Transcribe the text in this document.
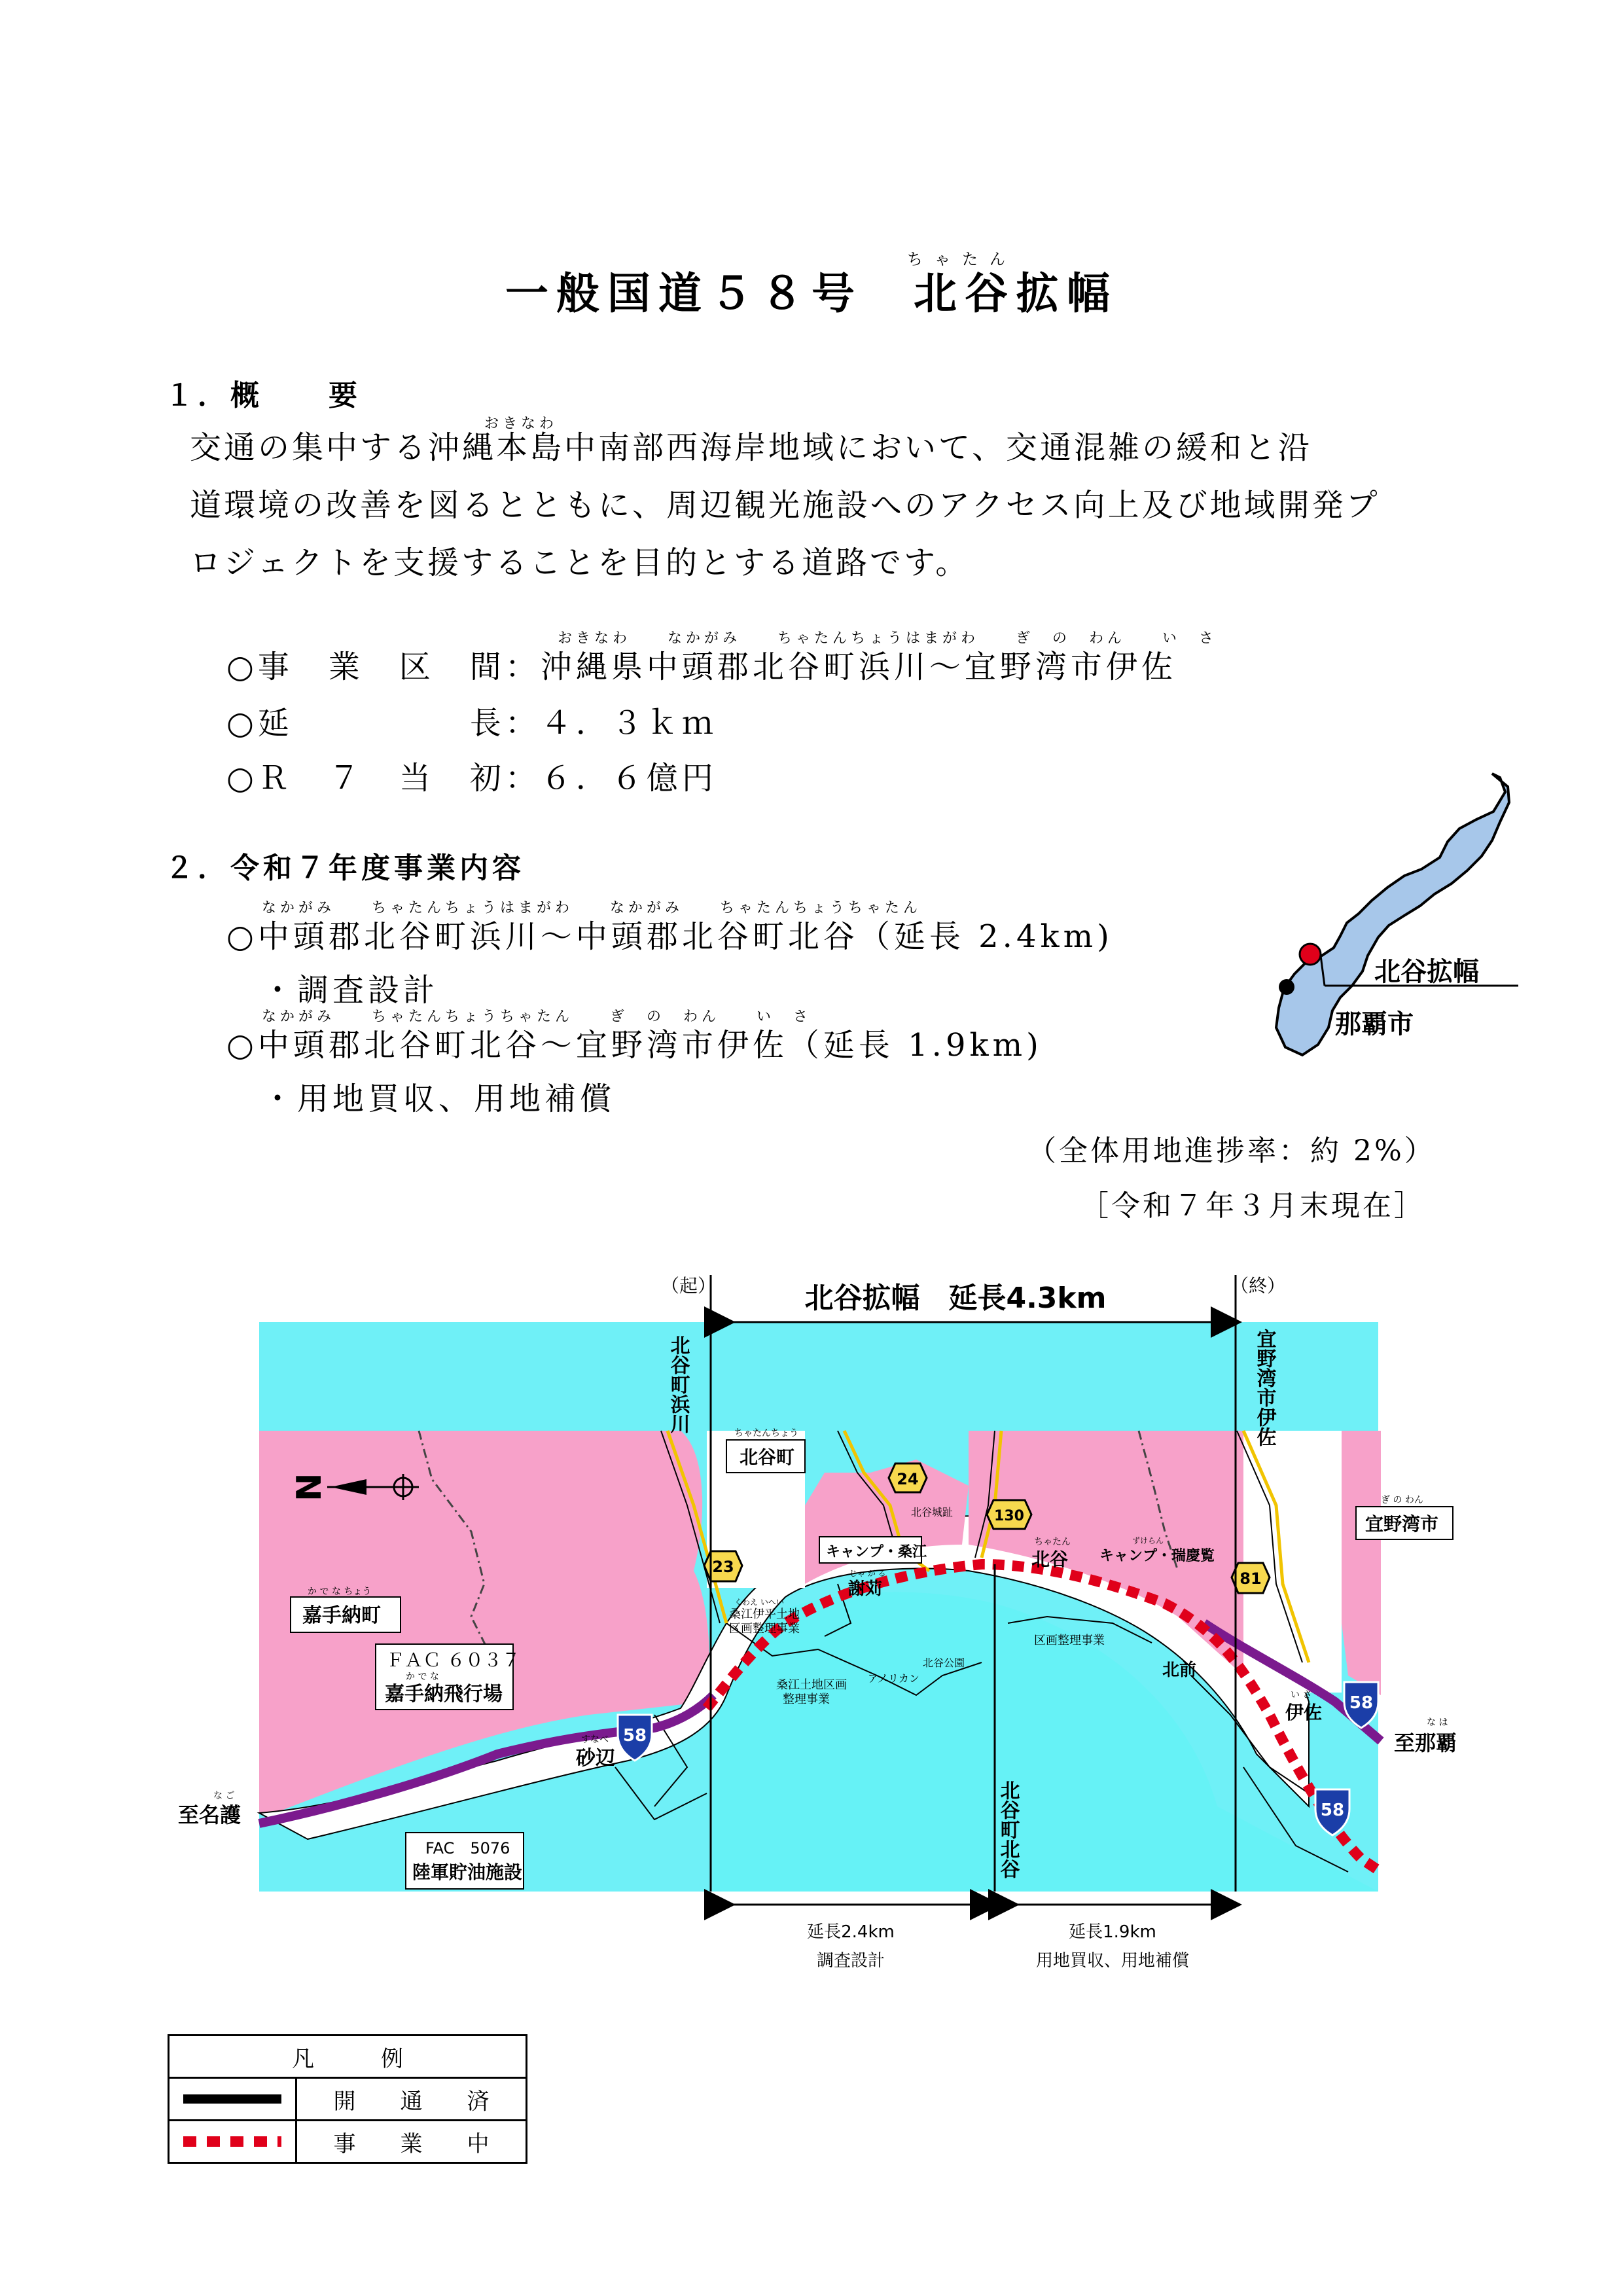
ちゃたん
一般国道５８号　北谷拡幅
１．概　　要
おきなわ
交通の集中する沖縄本島中南部西海岸地域において、交通混雑の緩和と沿
道環境の改善を図るとともに、周辺観光施設へのアクセス向上及び地域開発プ
ロジェクトを支援することを目的とする道路です。
おきなわ　　なかがみ　　ちゃたんちょうはまがわ　　ぎ　の　わん　　い　さ
○事　業　区　間：沖縄県中頭郡北谷町浜川～宜野湾市伊佐
○延　　　　　長：４．３ｋｍ
○Ｒ　７　当　初：６．６億円
２．令和７年度事業内容
なかがみ　　ちゃたんちょうはまがわ　　なかがみ　　ちゃたんちょうちゃたん
○中頭郡北谷町浜川～中頭郡北谷町北谷（延長 2.4km)
・調査設計
なかがみ　　ちゃたんちょうちゃたん　　ぎ　の　わん　　い　さ
○中頭郡北谷町北谷～宜野湾市伊佐（延長 1.9km)
・用地買収、用地補償
（全体用地進捗率：約 2%）
［令和７年３月末現在］
北谷拡幅
那覇市
23
24
130
81
58
58
58
北谷拡幅　延長4.3km
（起）	（終）
北谷町浜川	宜野湾市伊佐
北谷町北谷
ちゃたんちょう
北谷町
ぎ の わん
宜野湾市
か で な ちょう
嘉手納町
ＦＡＣ ６０３７
か で な
嘉手納飛行場
FAC　5076
陸軍貯油施設
すなべ
砂辺
な ご
至名護
な は
至那覇
キャンプ・桑江
じゃ が る
謝苅
くわえ いへい
桑江伊平土地
区画整理事業
桑江土地区画
整理事業
北谷城趾
北谷公園
アメリカン
ちゃたん
北谷
ずけらん
キャンプ・瑞慶覧
区画整理事業
北前
い さ
伊佐
N
延長2.4km
調査設計
延長1.9km
用地買収、用地補償
凡　　　例	

	開　　通　　済

	事　　業　　中
